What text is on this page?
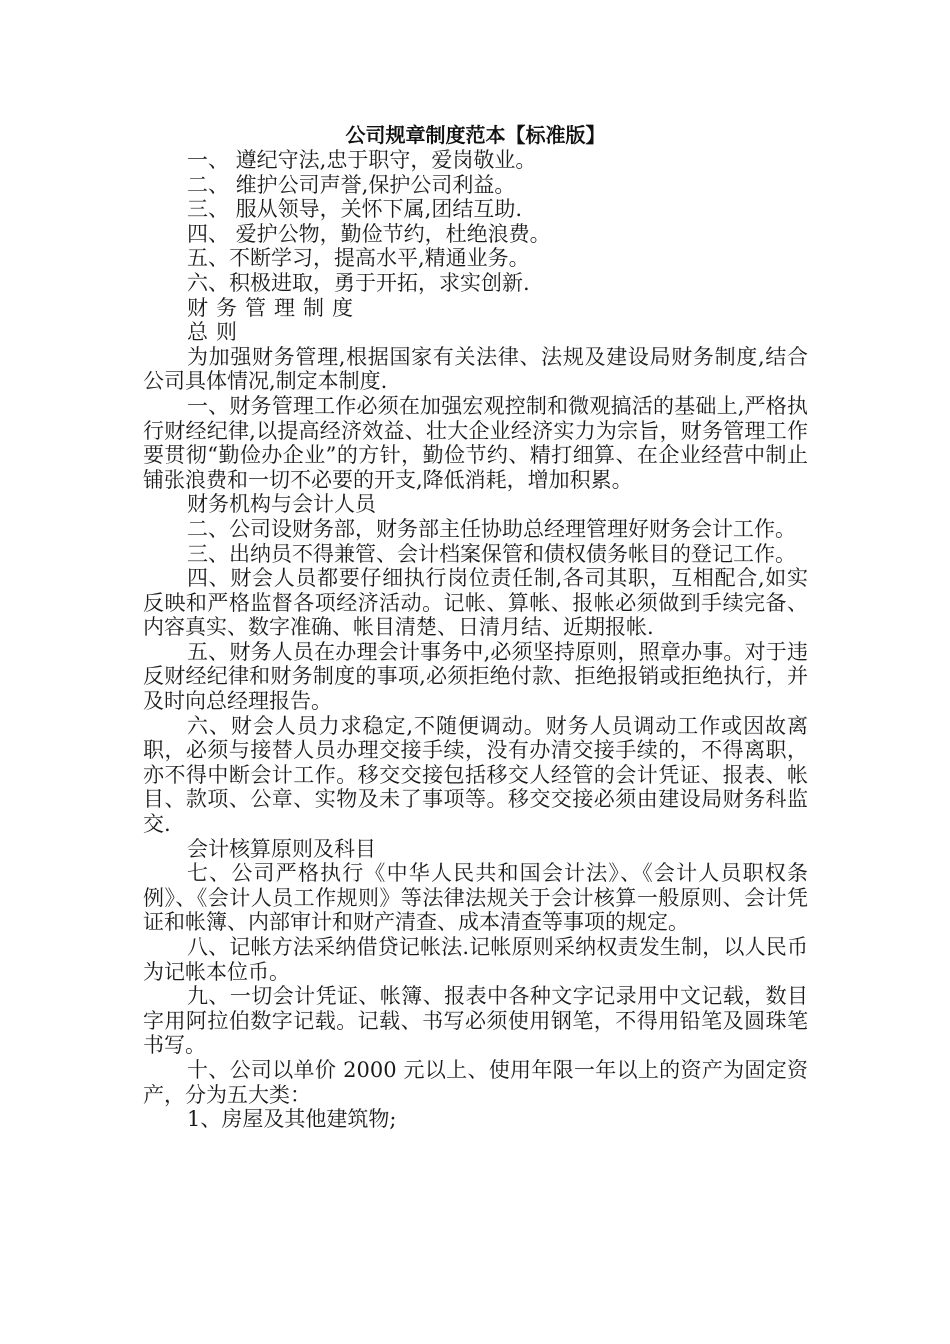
公司规章制度范本【标准版】
一、 遵纪守法,忠于职守，爱岗敬业。
二、 维护公司声誉,保护公司利益。
三、 服从领导，关怀下属,团结互助.
四、 爱护公物，勤俭节约，杜绝浪费。
五、不断学习，提高水平,精通业务。
六、积极进取，勇于开拓，求实创新.
财务管理制度
总则
为加强财务管理,根据国家有关法律、法规及建设局财务制度,结合公司具体情况,制定本制度.
一、财务管理工作必须在加强宏观控制和微观搞活的基础上,严格执行财经纪律,以提高经济效益、壮大企业经济实力为宗旨，财务管理工作要贯彻“勤俭办企业”的方针，勤俭节约、精打细算、在企业经营中制止铺张浪费和一切不必要的开支,降低消耗，增加积累。
财务机构与会计人员
二、公司设财务部，财务部主任协助总经理管理好财务会计工作。
三、出纳员不得兼管、会计档案保管和债权债务帐目的登记工作。
四、财会人员都要仔细执行岗位责任制,各司其职，互相配合,如实反映和严格监督各项经济活动。记帐、算帐、报帐必须做到手续完备、内容真实、数字准确、帐目清楚、日清月结、近期报帐.
五、财务人员在办理会计事务中,必须坚持原则，照章办事。对于违反财经纪律和财务制度的事项,必须拒绝付款、拒绝报销或拒绝执行，并及时向总经理报告。
六、财会人员力求稳定,不随便调动。财务人员调动工作或因故离职，必须与接替人员办理交接手续，没有办清交接手续的，不得离职，亦不得中断会计工作。移交交接包括移交人经管的会计凭证、报表、帐目、款项、公章、实物及未了事项等。移交交接必须由建设局财务科监交.
会计核算原则及科目
七、公司严格执行《中华人民共和国会计法》、《会计人员职权条例》、《会计人员工作规则》等法律法规关于会计核算一般原则、会计凭证和帐簿、内部审计和财产清查、成本清查等事项的规定。
八、记帐方法采纳借贷记帐法.记帐原则采纳权责发生制，以人民币为记帐本位币。
九、一切会计凭证、帐簿、报表中各种文字记录用中文记载，数目字用阿拉伯数字记载。记载、书写必须使用钢笔，不得用铅笔及圆珠笔书写。
十、公司以单价 2000 元以上、使用年限一年以上的资产为固定资产，分为五大类：
1、房屋及其他建筑物;
